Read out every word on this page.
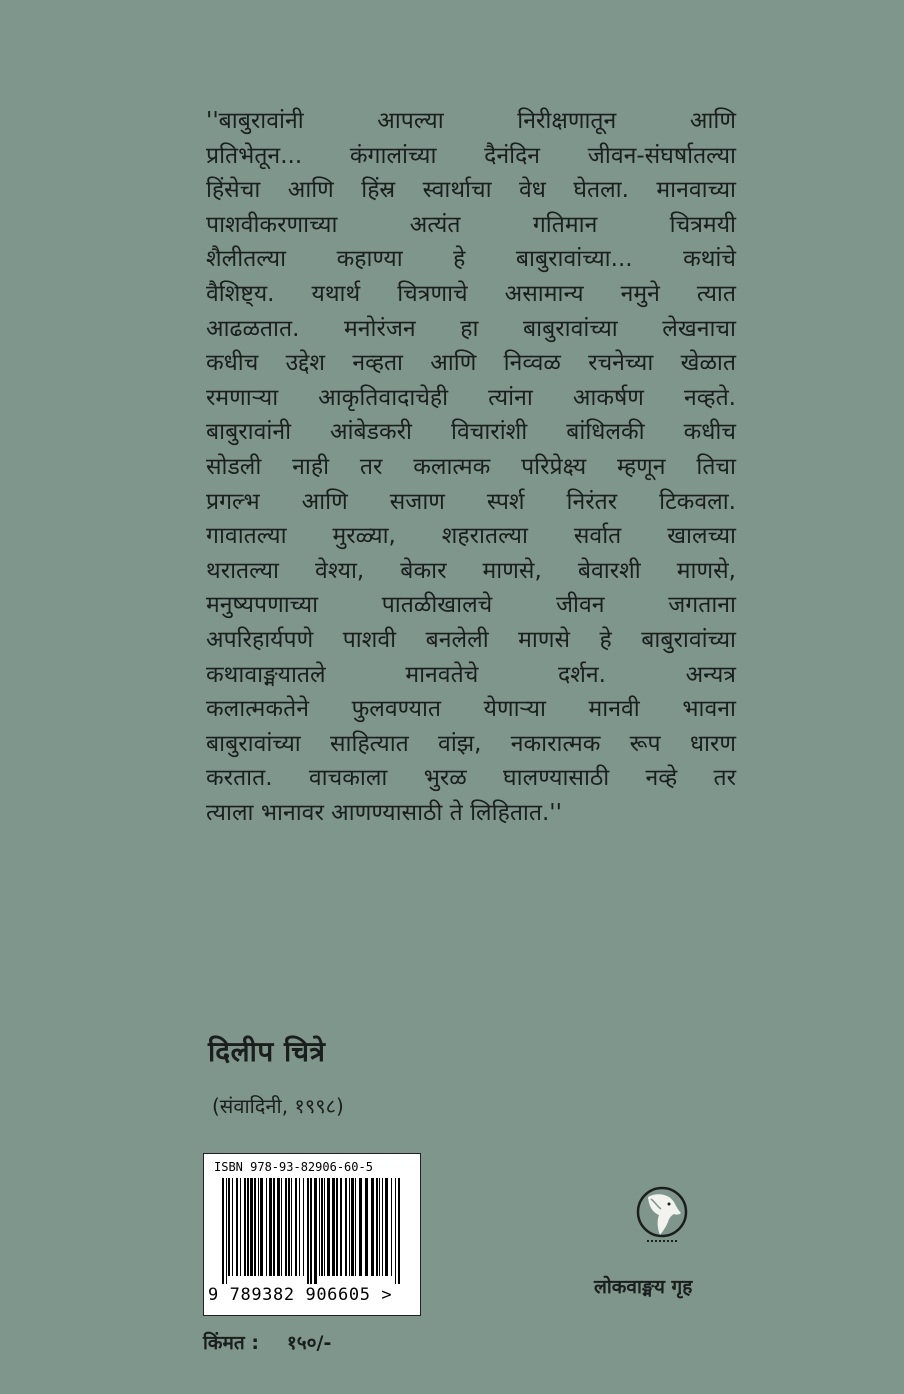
''बाबुरावांनी आपल्या निरीक्षणातून आणि
प्रतिभेतून... कंगालांच्या दैनंदिन जीवन-संघर्षातल्या
हिंसेचा आणि हिंस्र स्वार्थाचा वेध घेतला. मानवाच्या
पाशवीकरणाच्या अत्यंत गतिमान चित्रमयी
शैलीतल्या कहाण्या हे बाबुरावांच्या... कथांचे
वैशिष्ट्य. यथार्थ चित्रणाचे असामान्य नमुने त्यात
आढळतात. मनोरंजन हा बाबुरावांच्या लेखनाचा
कधीच उद्देश नव्हता आणि निव्वळ रचनेच्या खेळात
रमणाऱ्या आकृतिवादाचेही त्यांना आकर्षण नव्हते.
बाबुरावांनी आंबेडकरी विचारांशी बांधिलकी कधीच
सोडली नाही तर कलात्मक परिप्रेक्ष्य म्हणून तिचा
प्रगल्भ आणि सजाण स्पर्श निरंतर टिकवला.
गावातल्या मुरळ्या, शहरातल्या सर्वात खालच्या
थरातल्या वेश्या, बेकार माणसे, बेवारशी माणसे,
मनुष्यपणाच्या पातळीखालचे जीवन जगताना
अपरिहार्यपणे पाशवी बनलेली माणसे हे बाबुरावांच्या
कथावाङ्मयातले मानवतेचे दर्शन. अन्यत्र
कलात्मकतेने फुलवण्यात येणाऱ्या मानवी भावना
बाबुरावांच्या साहित्यात वांझ, नकारात्मक रूप धारण
करतात. वाचकाला भुरळ घालण्यासाठी नव्हे तर
त्याला भानावर आणण्यासाठी ते लिहितात.''
दिलीप चित्रे
(संवादिनी, १९९८)
ISBN 978-93-82906-60-5
9 789382 906605 >
किंमत : १५०/-
लोकवाङ्मय गृह
